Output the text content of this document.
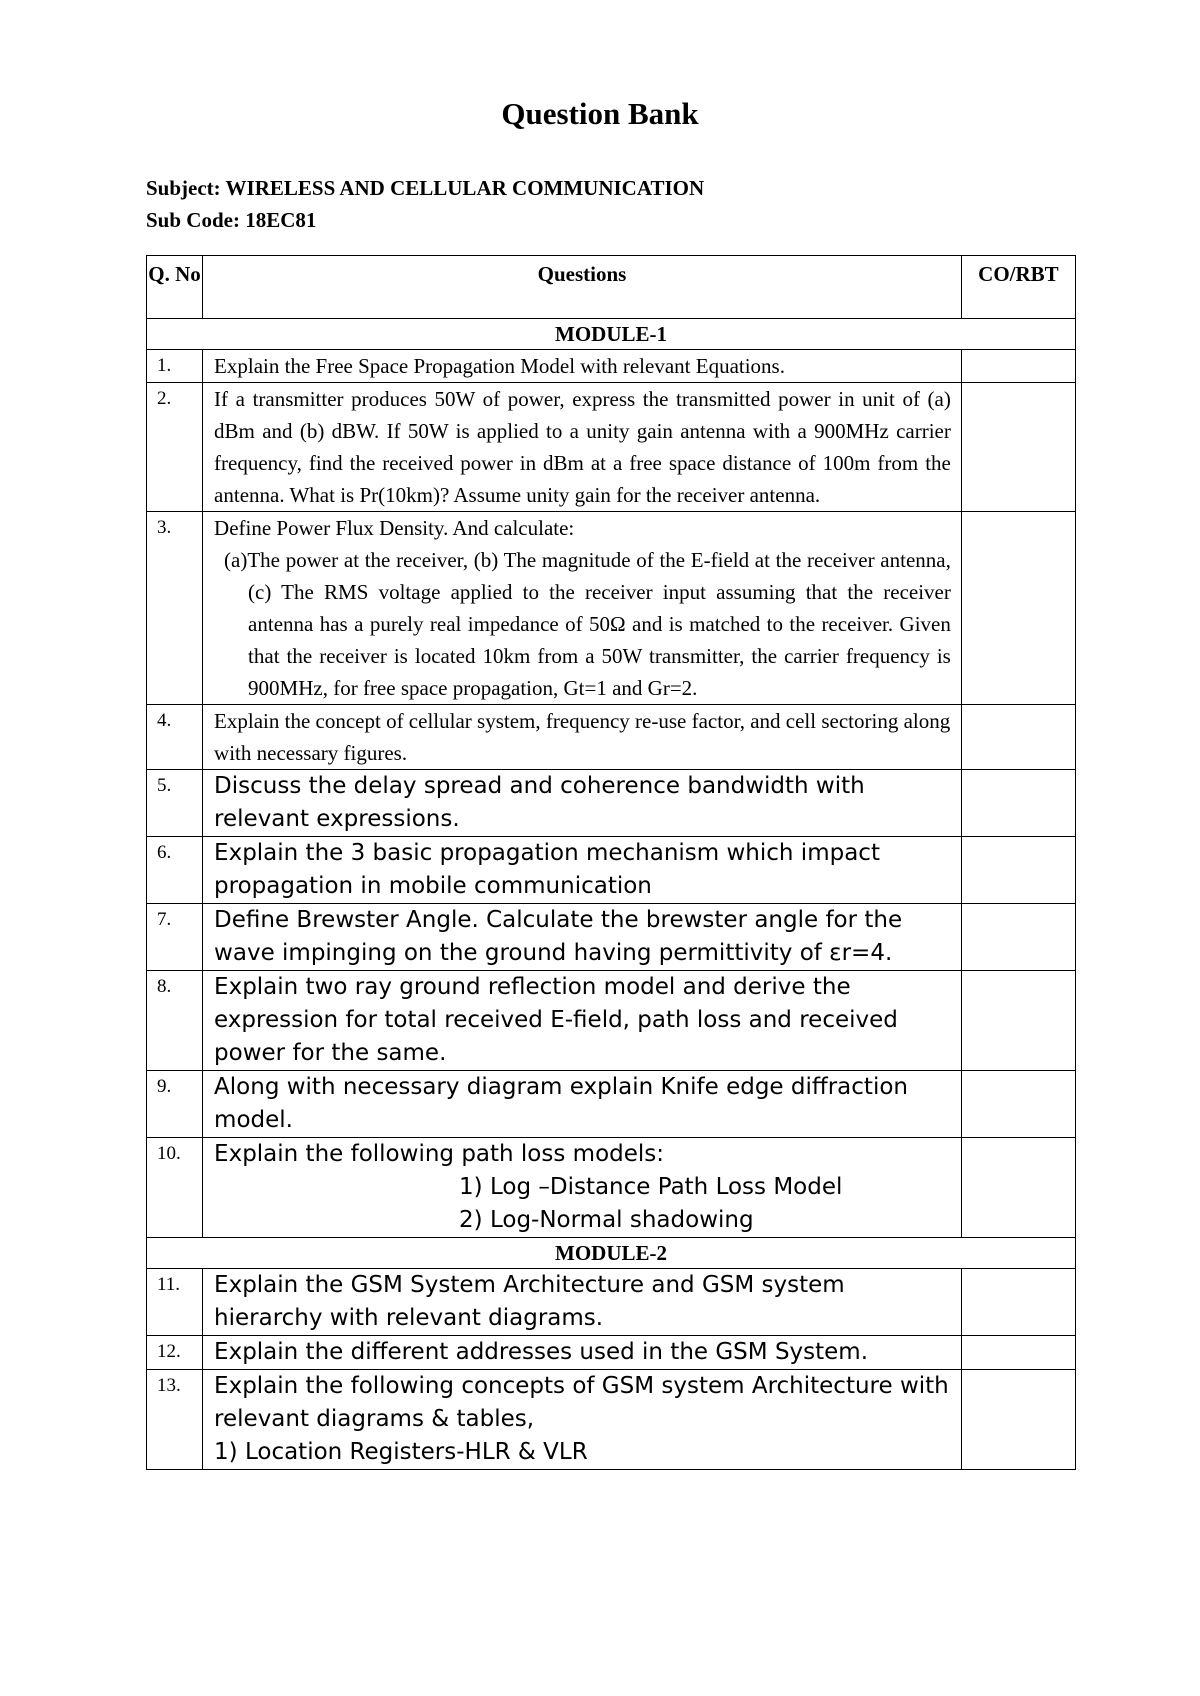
Question Bank
Subject: WIRELESS AND CELLULAR COMMUNICATION
Sub Code: 18EC81
Q. No	Questions	CO/RBT

MODULE-1		
1.	Explain the Free Space Propagation Model with relevant Equations.	
2.	If a transmitter produces 50W of power, express the transmitted power in unit of (a) dBm and (b) dBW. If 50W is applied to a unity gain antenna with a 900MHz carrier frequency, find the received power in dBm at a free space distance of 100m from the antenna. What is Pr(10km)? Assume unity gain for the receiver antenna.	
3.	Define Power Flux Density. And calculate:
(a)The power at the receiver, (b) The magnitude of the E-field at the receiver antenna, (c) The RMS voltage applied to the receiver input assuming that the receiver antenna has a purely real impedance of 50Ω and is matched to the receiver. Given that the receiver is located 10km from a 50W transmitter, the carrier frequency is 900MHz, for free space propagation, Gt=1 and Gr=2.	

4.	Explain the concept of cellular system, frequency re-use factor, and cell sectoring along with necessary figures.	
5.	Discuss the delay spread and coherence bandwidth with relevant expressions.	
6.	Explain the 3 basic propagation mechanism which impact propagation in mobile communication	
7.	Define Brewster Angle. Calculate the brewster angle for the wave impinging on the ground having permittivity of εr=4.	
8.	Explain two ray ground reflection model and derive the expression for total received E-field, path loss and received power for the same.	
9.	Along with necessary diagram explain Knife edge diffraction model.	
10.	Explain the following path loss models:
1) Log –Distance Path Loss Model
2) Log-Normal shadowing	

MODULE-2		
11.	Explain the GSM System Architecture and GSM system hierarchy with relevant diagrams.	
12.	Explain the different addresses used in the GSM System.	
13.	Explain the following concepts of GSM system Architecture with relevant diagrams & tables,
1) Location Registers-HLR & VLR	
